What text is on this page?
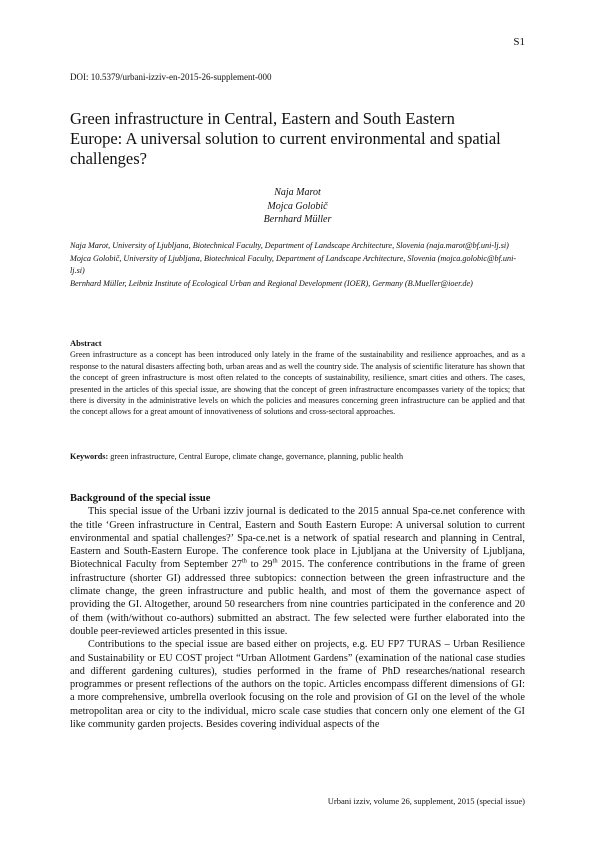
S1
DOI: 10.5379/urbani-izziv-en-2015-26-supplement-000
Green infrastructure in Central, Eastern and South Eastern Europe: A universal solution to current environmental and spatial challenges?
Naja Marot
Mojca Golobič
Bernhard Müller

Naja Marot, University of Ljubljana, Biotechnical Faculty, Department of Landscape Architecture, Slovenia (naja.marot@bf.uni-lj.si)

Mojca Golobič, University of Ljubljana, Biotechnical Faculty, Department of Landscape Architecture, Slovenia (mojca.golobic@bf.uni-lj.si)

Bernhard Müller, Leibniz Institute of Ecological Urban and Regional Development (IOER), Germany (B.Mueller@ioer.de)

Abstract

Green infrastructure as a concept has been introduced only lately in the frame of the sustainability and resilience approaches, and as a response to the natural disasters affecting both, urban areas and as well the country side. The analysis of scientific literature has shown that the concept of green infrastructure is most often related to the concepts of sustainability, resilience, smart cities and others. The cases, presented in the articles of this special issue, are showing that the concept of green infrastructure encompasses variety of the topics; that there is diversity in the administrative levels on which the policies and measures concerning green infrastructure can be applied and that the concept allows for a great amount of innovativeness of solutions and cross-sectoral approaches.

Keywords: green infrastructure, Central Europe, climate change, governance, planning, public health
Background of the special issue

This special issue of the Urbani izziv journal is dedicated to the 2015 annual Spa-ce.net conference with the title ‘Green infrastructure in Central, Eastern and South Eastern Europe: A universal solution to current environmental and spatial challenges?’ Spa-ce.net is a network of spatial research and planning in Central, Eastern and South-Eastern Europe. The conference took place in Ljubljana at the University of Ljubljana, Biotechnical Faculty from September 27th to 29th 2015. The conference contributions in the frame of green infrastructure (shorter GI) addressed three subtopics: connection between the green infrastructure and the climate change, the green infrastructure and public health, and most of them the governance aspect of providing the GI. Altogether, around 50 researchers from nine countries participated in the conference and 20 of them (with/without co-authors) submitted an abstract. The few selected were further elaborated into the double peer-reviewed articles presented in this issue.

Contributions to the special issue are based either on projects, e.g. EU FP7 TURAS – Urban Resilience and Sustainability or EU COST project “Urban Allotment Gardens” (examination of the national case studies and different gardening cultures), studies performed in the frame of PhD researches/national research programmes or present reflections of the authors on the topic. Articles encompass different dimensions of GI: a more comprehensive, umbrella overlook focusing on the role and provision of GI on the level of the whole metropolitan area or city to the individual, micro scale case studies that concern only one element of the GI like community garden projects. Besides covering individual aspects of the

Urbani izziv, volume 26, supplement, 2015 (special issue)
